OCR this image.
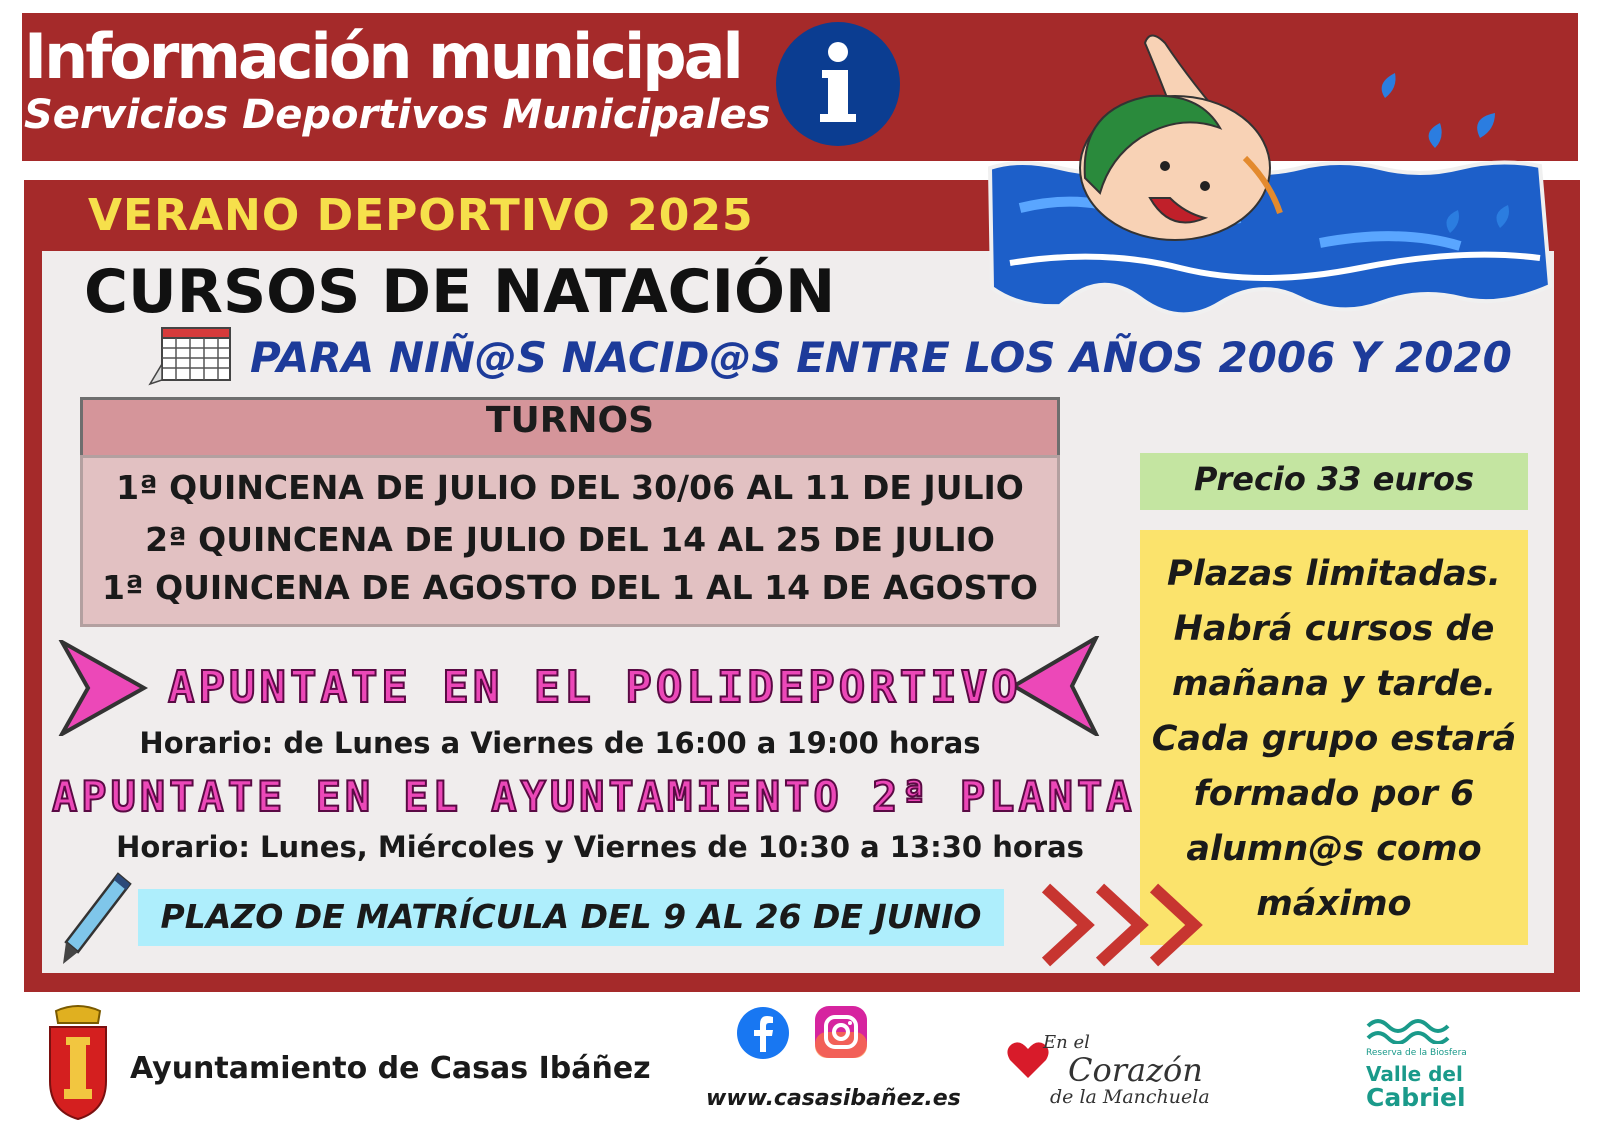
Información municipal
Servicios Deportivos Municipales
VERANO DEPORTIVO 2025
CURSOS DE NATACIÓN
PARA NIÑ@S NACID@S ENTRE LOS AÑOS 2006 Y 2020
TURNOS
1ª QUINCENA DE JULIO DEL 30/06 AL 11 DE JULIO
2ª QUINCENA DE JULIO DEL 14 AL 25 DE JULIO
1ª QUINCENA DE AGOSTO DEL 1 AL 14 DE AGOSTO
Precio 33 euros
Plazas limitadas.
Habrá cursos de
mañana y tarde.
Cada grupo estará
formado por 6
alumn@s como
máximo
APUNTATE EN EL POLIDEPORTIVO
Horario: de Lunes a Viernes de 16:00 a 19:00 horas
APUNTATE EN EL AYUNTAMIENTO 2ª PLANTA
Horario: Lunes, Miércoles y Viernes de 10:30 a 13:30 horas
PLAZO DE MATRÍCULA DEL 9 AL 26 DE JUNIO
Ayuntamiento de Casas Ibáñez
www.casasibañez.es
En el
Corazón
de la Manchuela
Reserva de la Biosfera
Valle del
Cabriel
